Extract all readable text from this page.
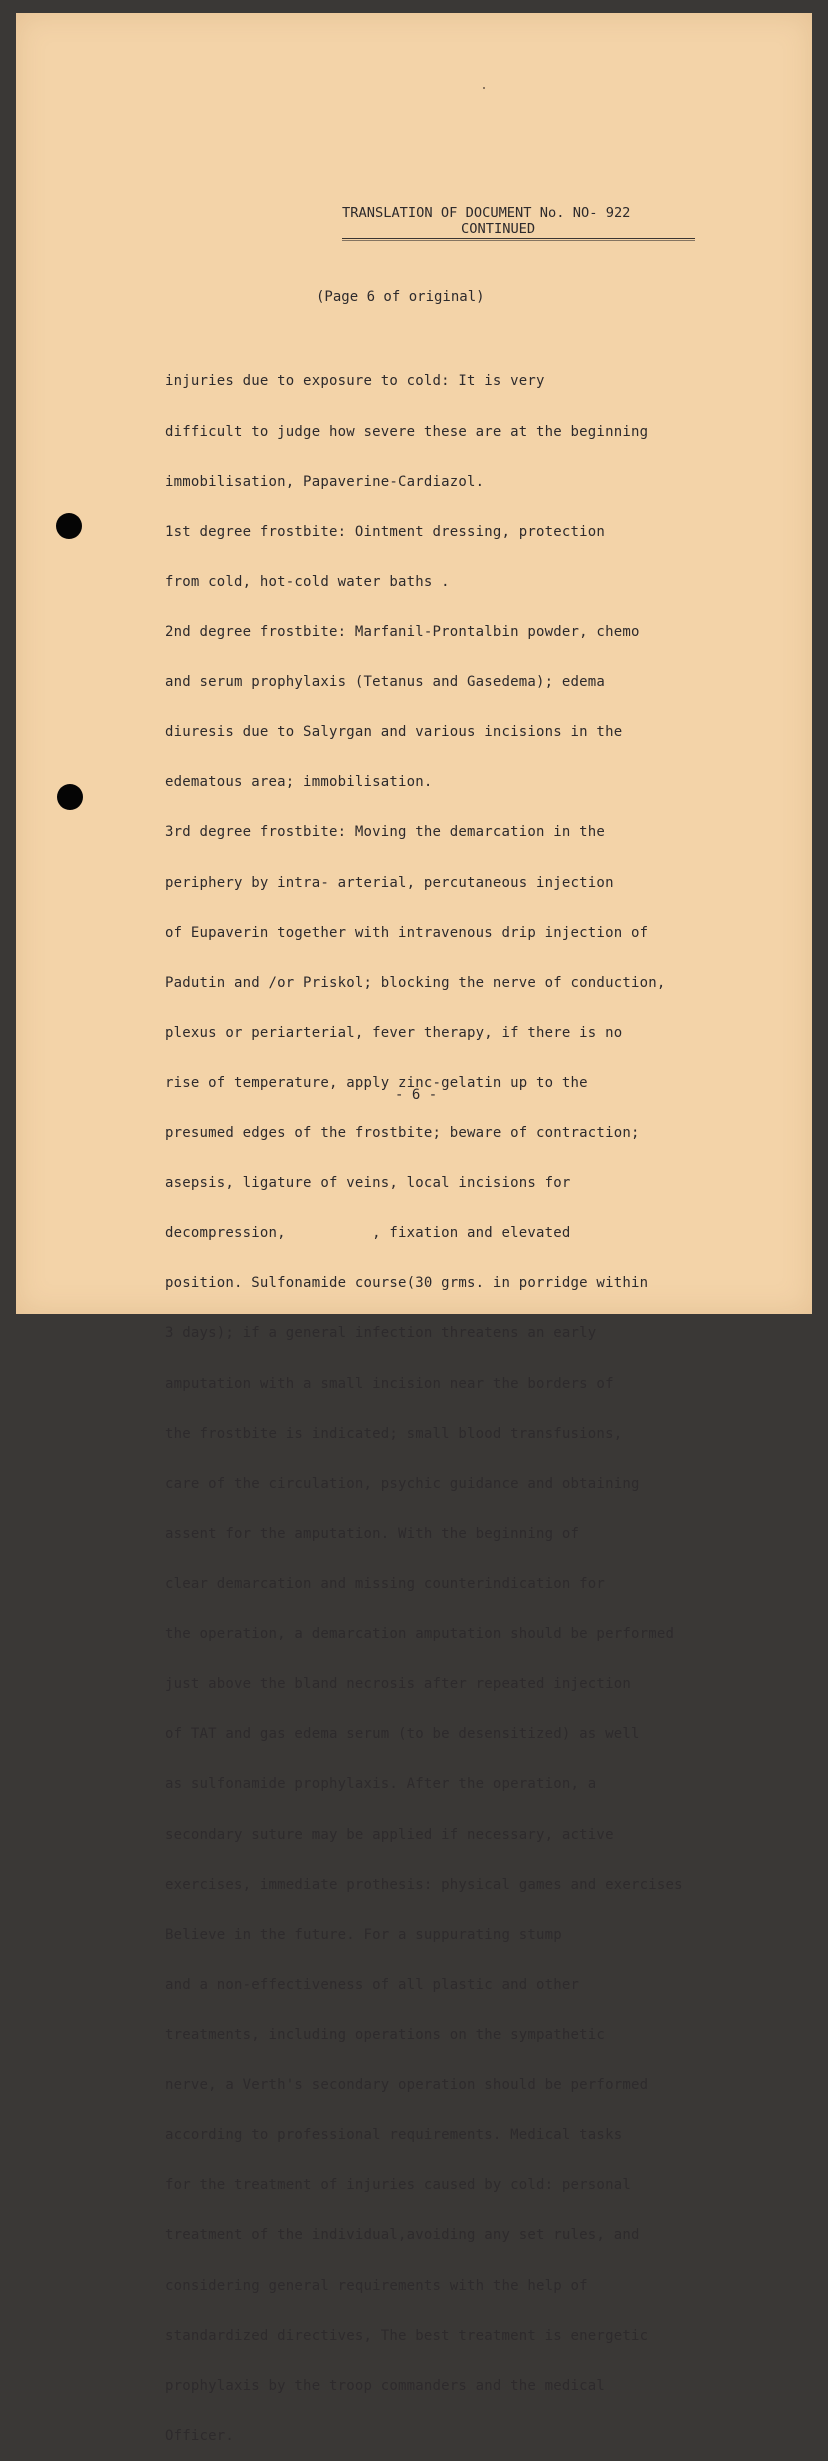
TRANSLATION OF DOCUMENT No. NO- 922

CONTINUED

(Page 6 of original)

injuries due to exposure to cold: It is very

difficult to judge how severe these are at the beginning

immobilisation, Papaverine-Cardiazol.

1st degree frostbite: Ointment dressing, protection

from cold, hot-cold water baths .

2nd degree frostbite: Marfanil-Prontalbin powder, chemo

and serum prophylaxis (Tetanus and Gasedema); edema

diuresis due to Salyrgan and various incisions in the

edematous area; immobilisation.

3rd degree frostbite: Moving the demarcation in the

periphery by intra- arterial, percutaneous injection

of Eupaverin together with intravenous drip injection of

Padutin and /or Priskol; blocking the nerve of conduction,

plexus or periarterial, fever therapy, if there is no

rise of temperature, apply zinc-gelatin up to the

presumed edges of the frostbite; beware of contraction;

asepsis, ligature of veins, local incisions for

decompression,          , fixation and elevated

position. Sulfonamide course(30 grms. in porridge within

3 days); if a general infection threatens an early

amputation with a small incision near the borders of

the frostbite is indicated; small blood transfusions,

care of the circulation, psychic guidance and obtaining

assent for the amputation. With the beginning of

clear demarcation and missing counterindication for

the operation, a demarcation amputation should be performed

just above the bland necrosis after repeated injection

of TAT and gas edema serum (to be desensitized) as well

as sulfonamide prophylaxis. After the operation, a

secondary suture may be applied if necessary, active

exercises, immediate prothesis: physical games and exercises

Believe in the future. For a suppurating stump

and a non-effectiveness of all plastic and other

treatments, including operations on the sympathetic

nerve, a Verth's secondary operation should be performed

according to professional requirements. Medical tasks

for the treatment of injuries caused by cold: personal

treatment of the individual,avoiding any set rules, and

considering general requirements with the help of

standardized directives, The best treatment is energetic

prophylaxis by the troop commanders and the medical

Officer.

- 6 -
